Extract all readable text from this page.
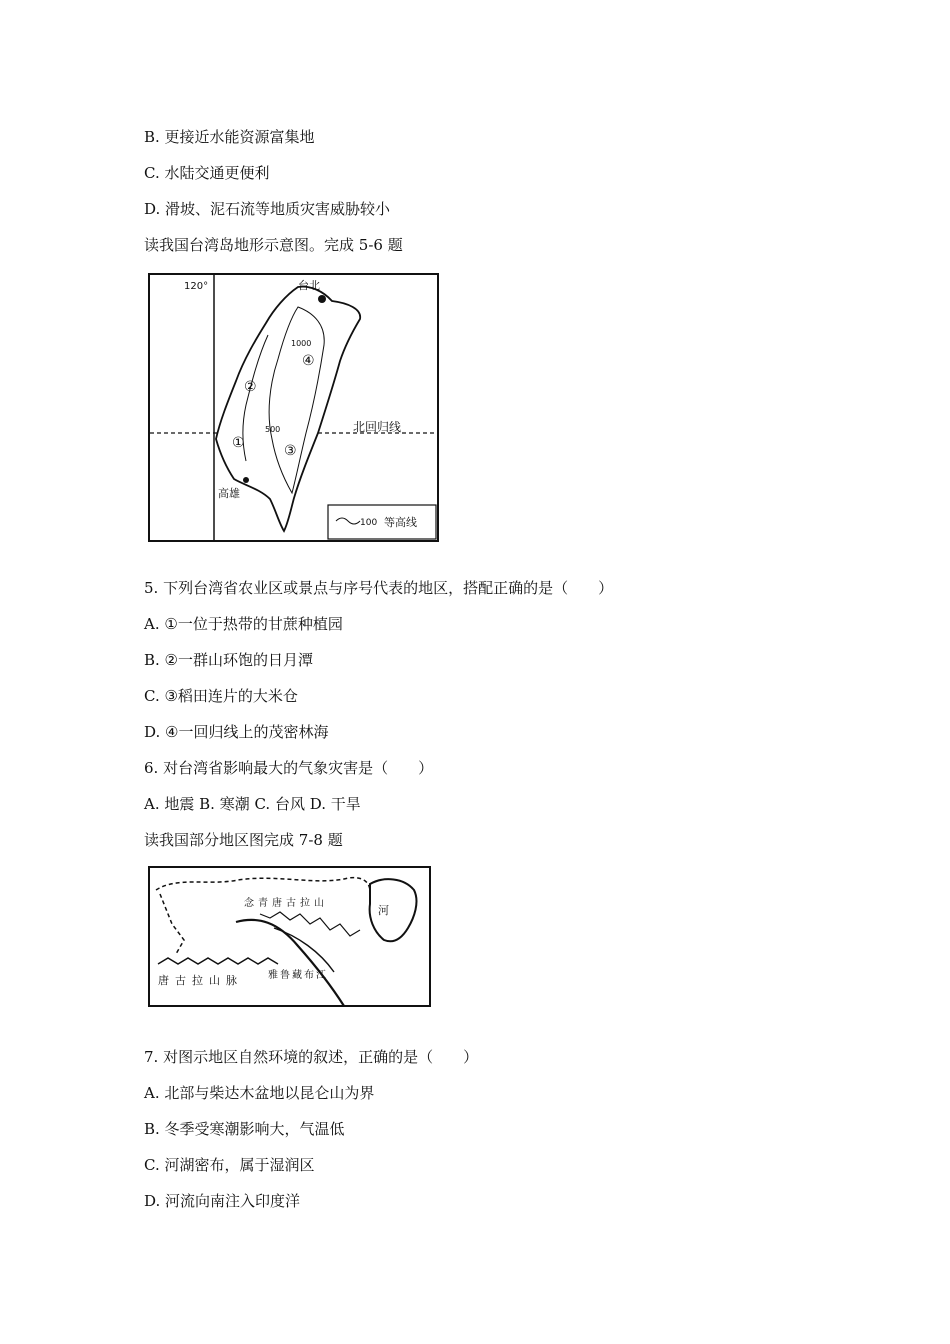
B. 更接近水能资源富集地
C. 水陆交通更便利
D. 滑坡、泥石流等地质灾害威胁较小
读我国台湾岛地形示意图。完成 5-6 题
120°
北回归线
1000
500
台北
高雄
①
②
③
④
100 等高线
5. 下列台湾省农业区或景点与序号代表的地区，搭配正确的是（　　）
A. ①一位于热带的甘蔗种植园
B. ②一群山环饱的日月潭
C. ③稻田连片的大米仓
D. ④一回归线上的茂密林海
6. 对台湾省影响最大的气象灾害是（　　）
A. 地震 B. 寒潮 C. 台风 D. 干旱
读我国部分地区图完成 7-8 题
唐古拉山脉
念青唐古拉山
雅鲁藏布江
河
7. 对图示地区自然环境的叙述，正确的是（　　）
A. 北部与柴达木盆地以昆仑山为界
B. 冬季受寒潮影响大，气温低
C. 河湖密布，属于湿润区
D. 河流向南注入印度洋
